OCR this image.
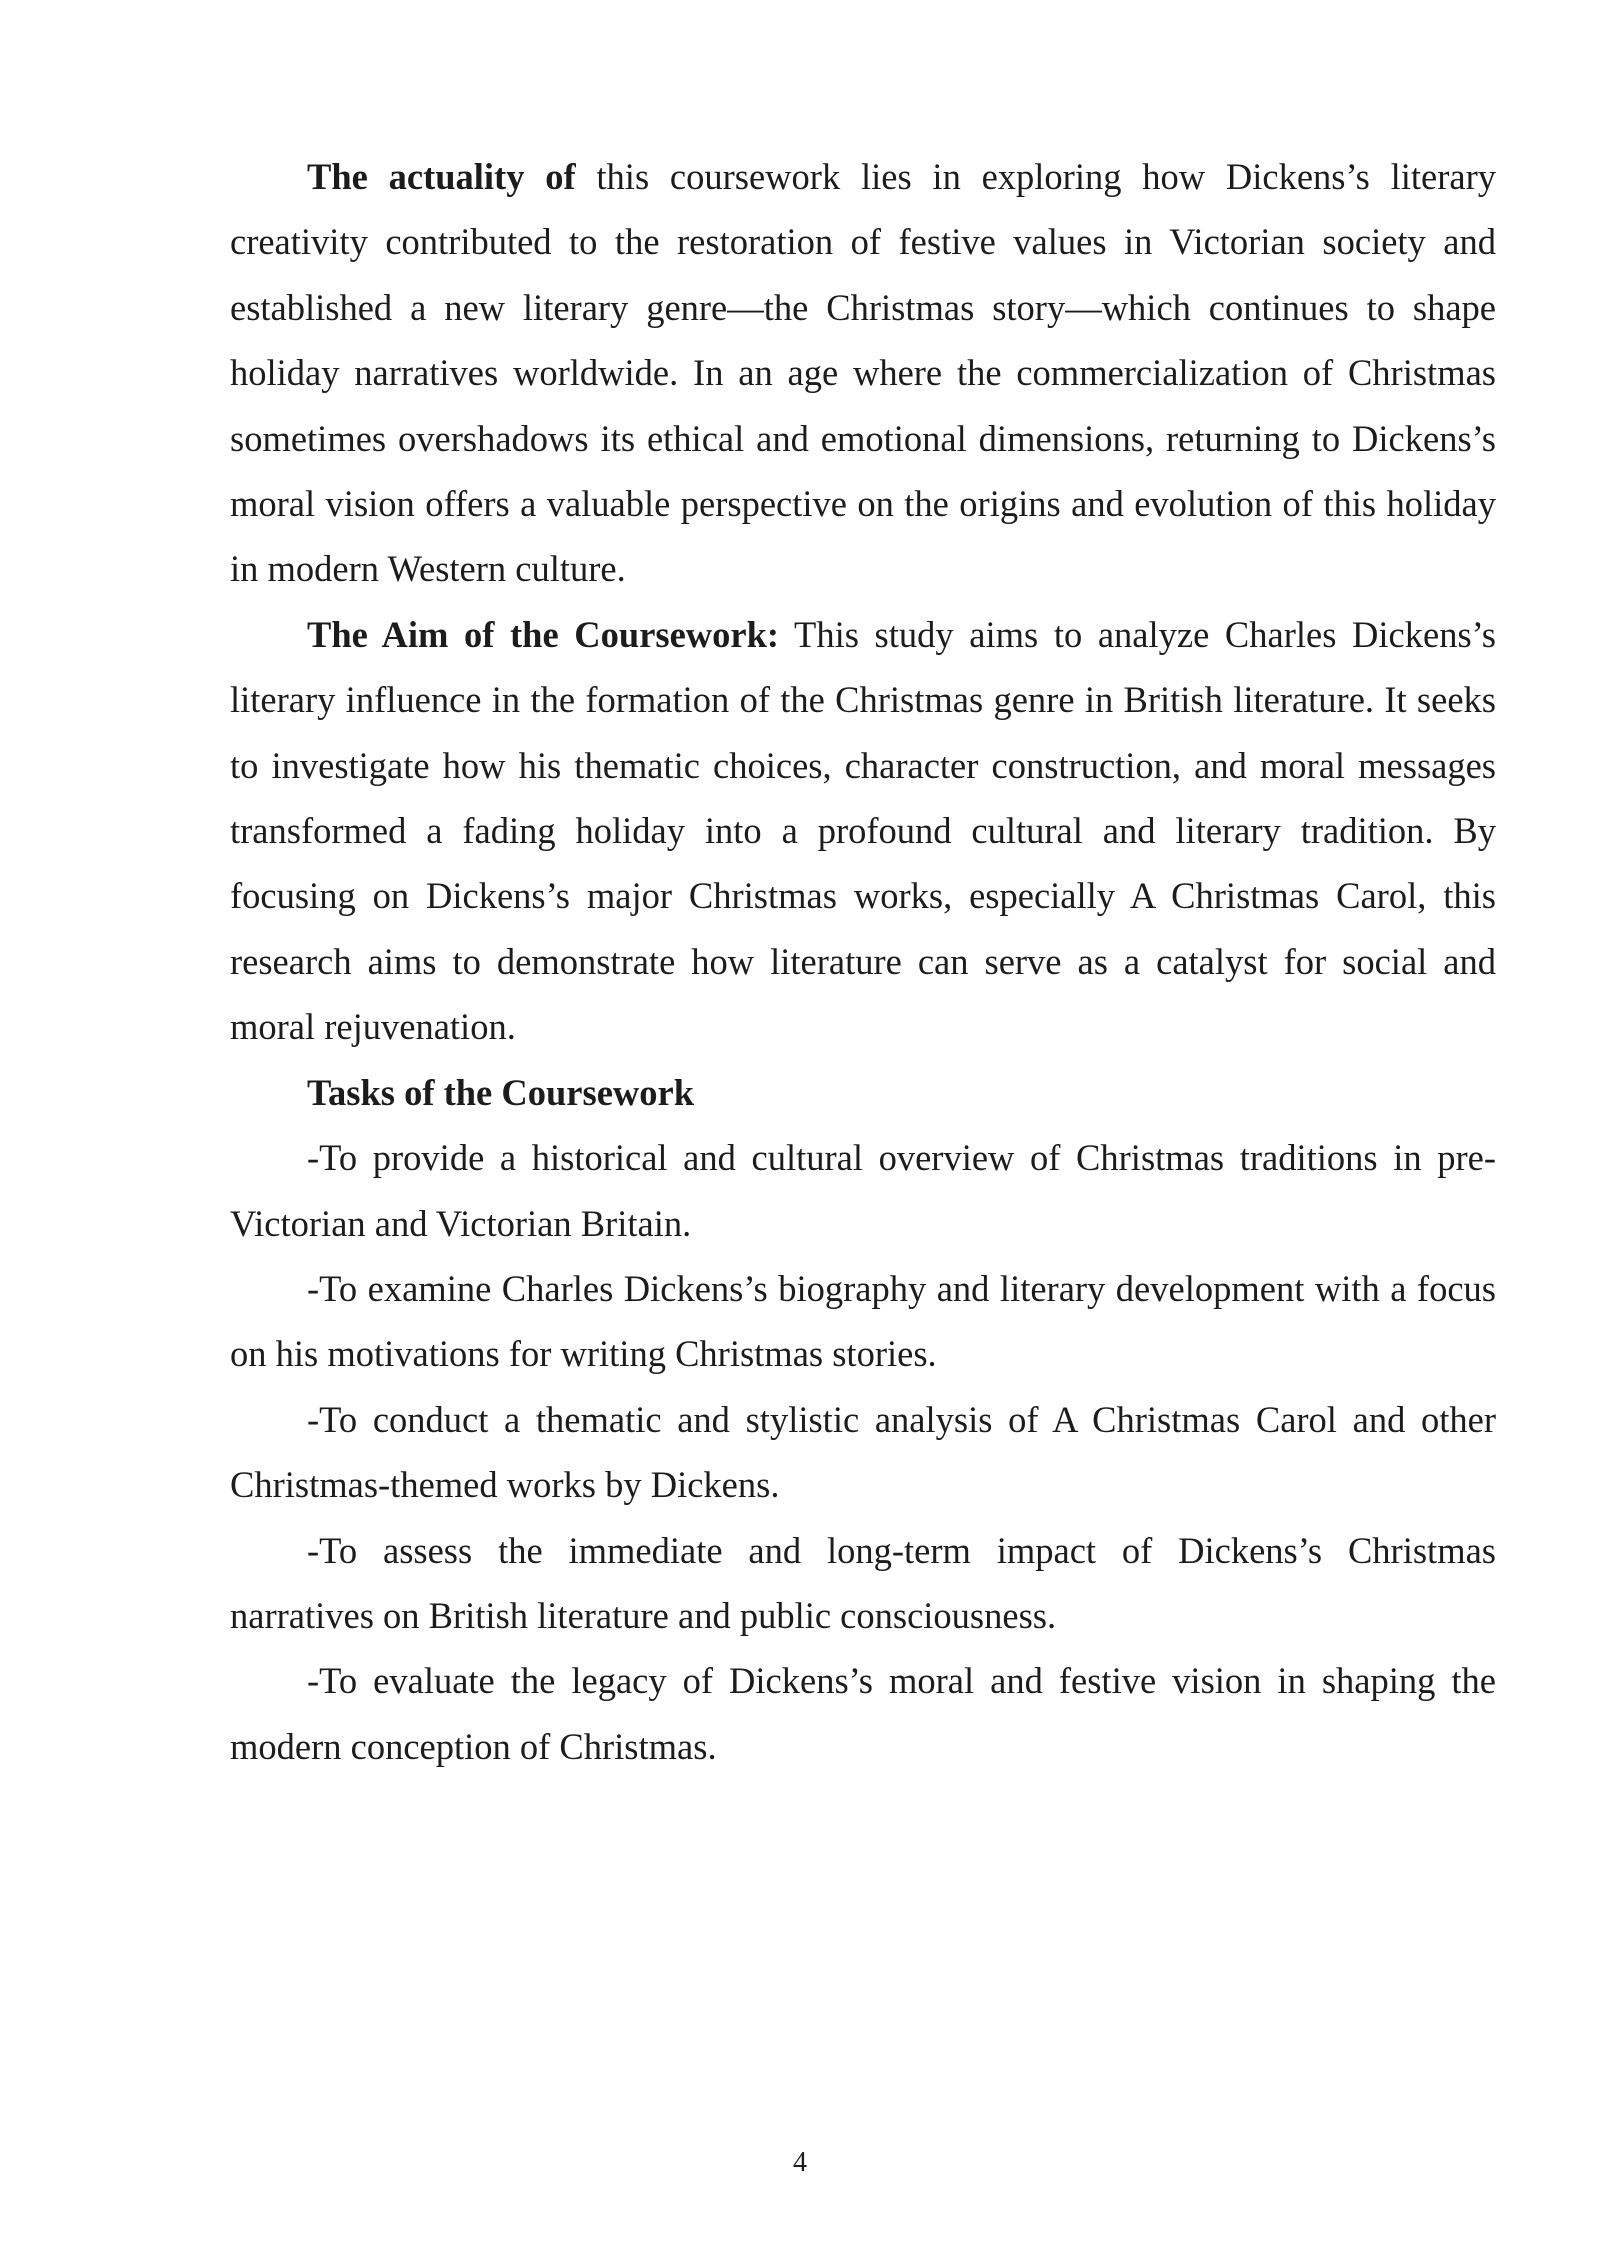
The actuality of this coursework lies in exploring how Dickens’s literary creativity contributed to the restoration of festive values in Victorian society and established a new literary genre—the Christmas story—which continues to shape holiday narratives worldwide. In an age where the commercialization of Christmas sometimes overshadows its ethical and emotional dimensions, returning to Dickens’s moral vision offers a valuable perspective on the origins and evolution of this holiday in modern Western culture.

The Aim of the Coursework: This study aims to analyze Charles Dickens’s literary influence in the formation of the Christmas genre in British literature. It seeks to investigate how his thematic choices, character construction, and moral messages transformed a fading holiday into a profound cultural and literary tradition. By focusing on Dickens’s major Christmas works, especially A Christmas Carol, this research aims to demonstrate how literature can serve as a catalyst for social and moral rejuvenation.

Tasks of the Coursework

-To provide a historical and cultural overview of Christmas traditions in pre-Victorian and Victorian Britain.

-To examine Charles Dickens’s biography and literary development with a focus on his motivations for writing Christmas stories.

-To conduct a thematic and stylistic analysis of A Christmas Carol and other Christmas-themed works by Dickens.

-To assess the immediate and long-term impact of Dickens’s Christmas narratives on British literature and public consciousness.

-To evaluate the legacy of Dickens’s moral and festive vision in shaping the modern conception of Christmas.

4
